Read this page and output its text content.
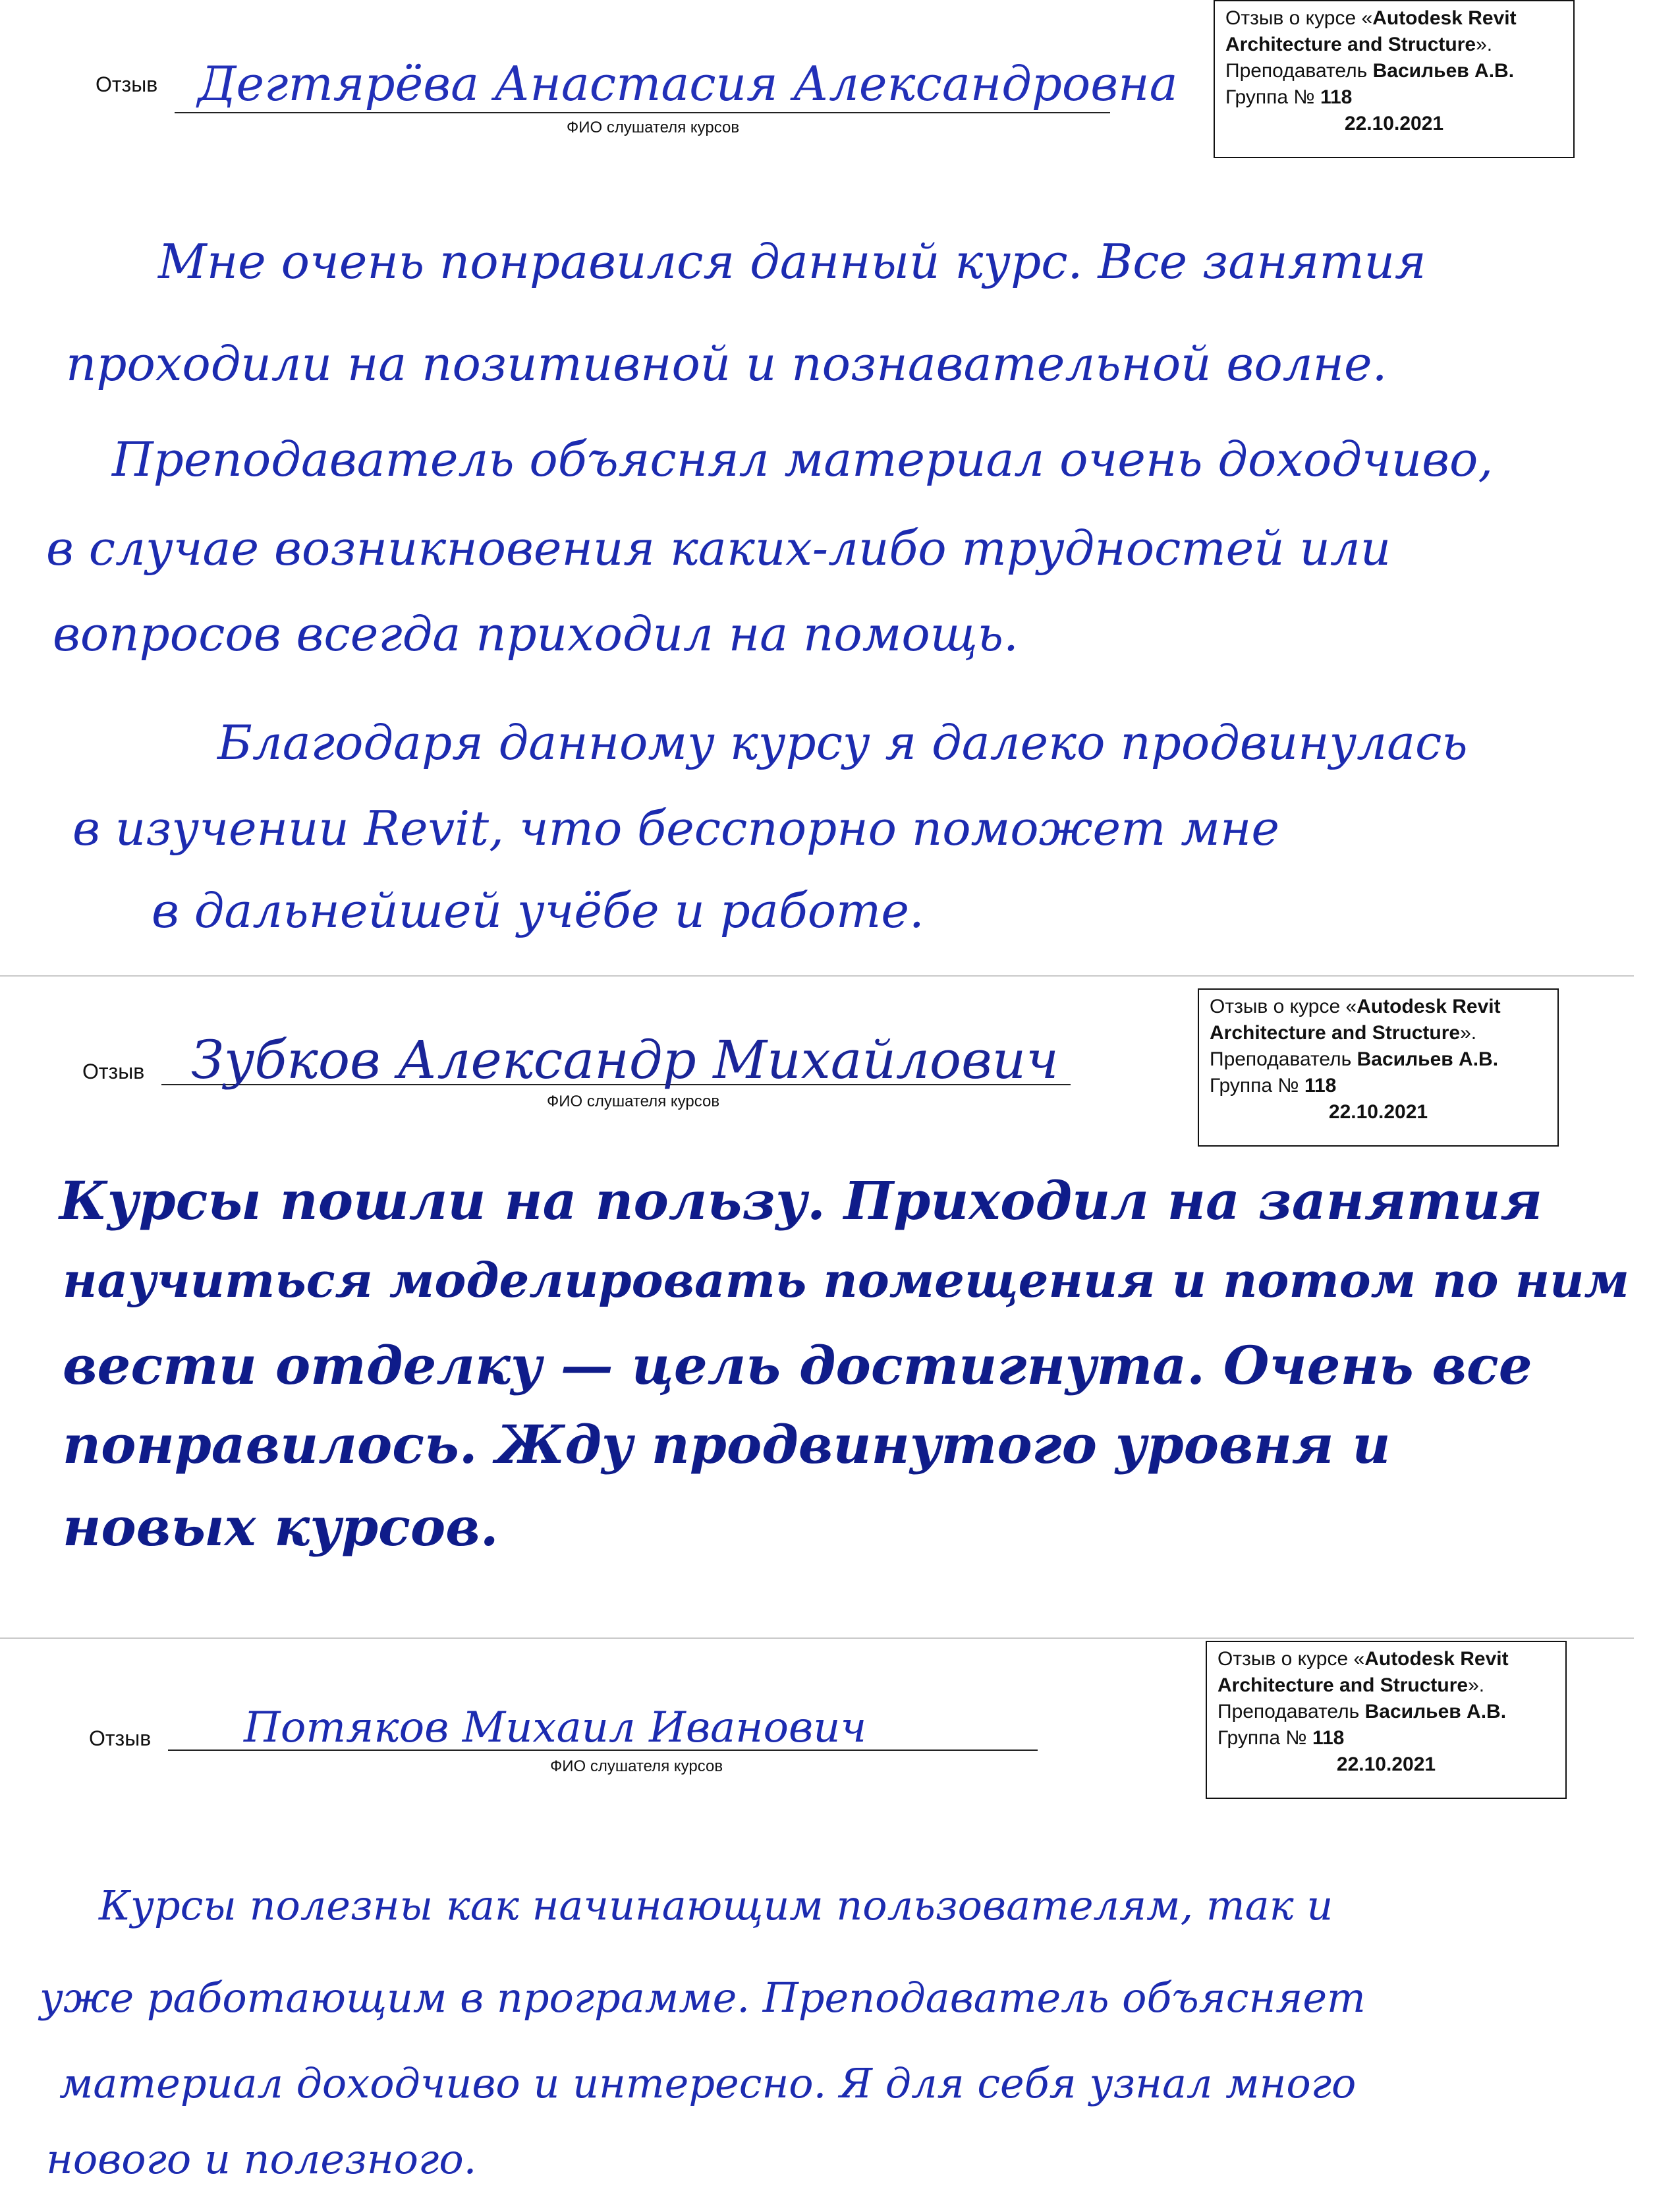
Отзыв Дегтярёва Анастасия Александровна
ФИО слушателя курсов
Отзыв о курсе «Autodesk Revit
Architecture and Structure».
Преподаватель Васильев А.В.
Группа № 118
22.10.2021
Мне очень понравился данный курс. Все занятия
проходили на позитивной и познавательной волне.
Преподаватель объяснял материал очень доходчиво,
в случае возникновения каких-либо трудностей или
вопросов всегда приходил на помощь.
Благодаря данному курсу я далеко продвинулась
в изучении Revit, что бесспорно поможет мне
в дальнейшей учёбе и работе.
Отзыв Зубков Александр Михайлович
ФИО слушателя курсов
Отзыв о курсе «Autodesk Revit
Architecture and Structure».
Преподаватель Васильев А.В.
Группа № 118
22.10.2021
Курсы пошли на пользу. Приходил на занятия
научиться моделировать помещения и потом по ним
вести отделку — цель достигнута. Очень все
понравилось. Жду продвинутого уровня и
новых курсов.
Отзыв Потяков Михаил Иванович
ФИО слушателя курсов
Отзыв о курсе «Autodesk Revit
Architecture and Structure».
Преподаватель Васильев А.В.
Группа № 118
22.10.2021
Курсы полезны как начинающим пользователям, так и
уже работающим в программе. Преподаватель объясняет
материал доходчиво и интересно. Я для себя узнал много
нового и полезного.
